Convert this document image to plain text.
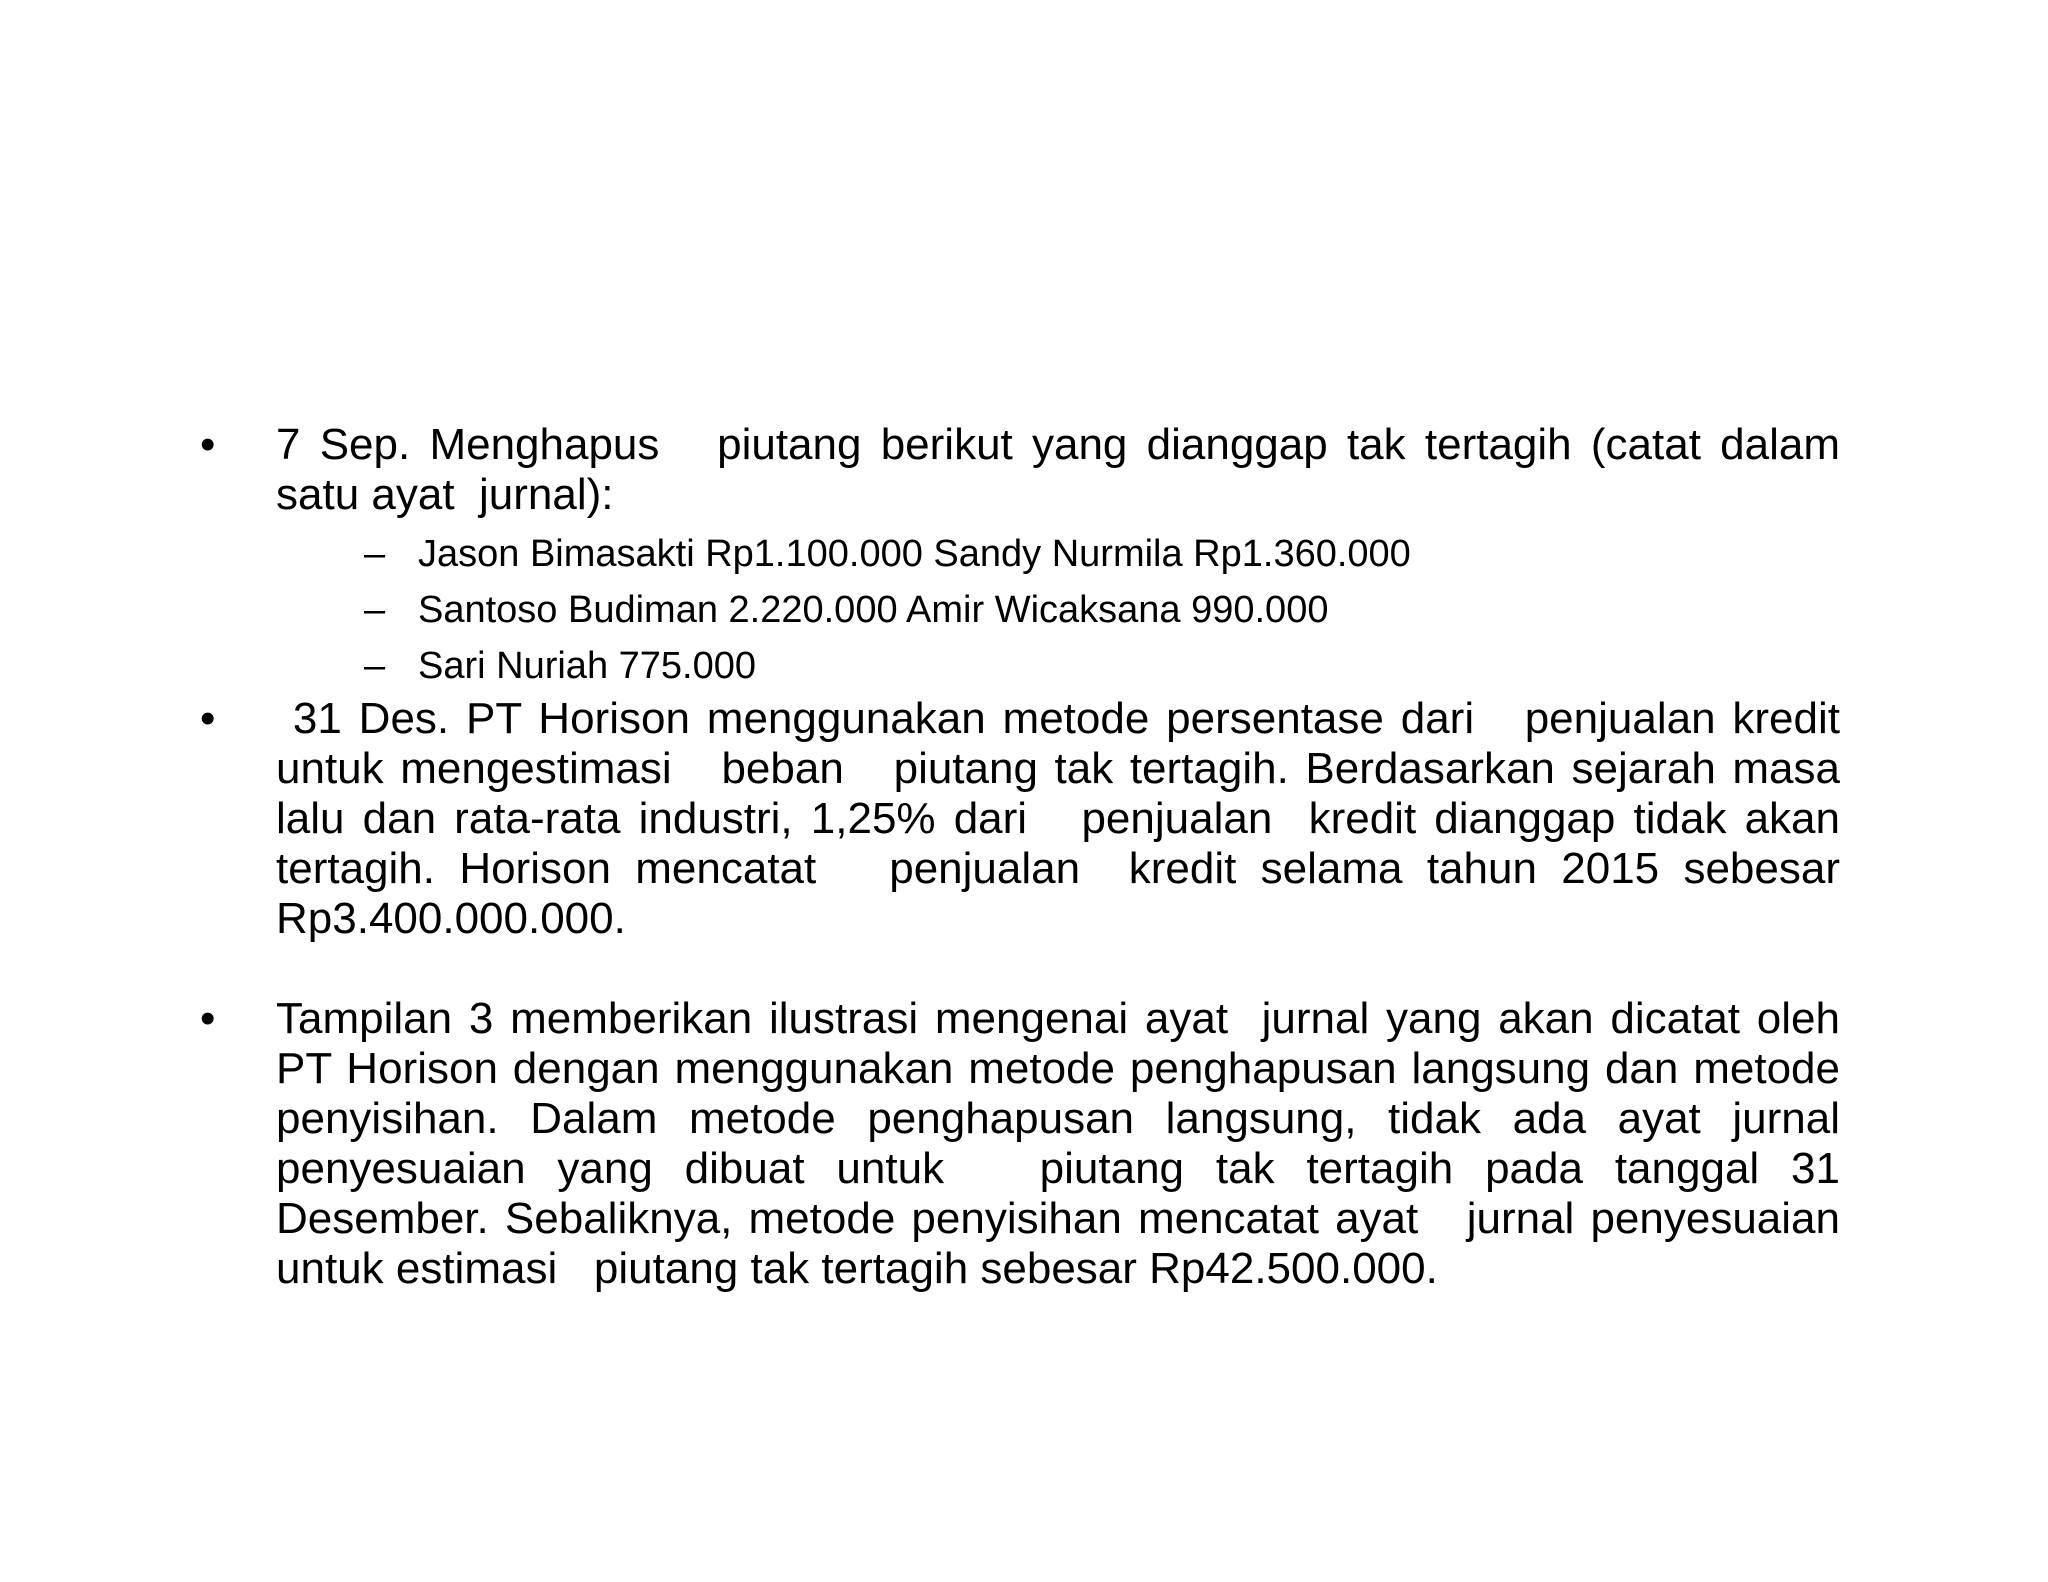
•	7 Sep. Menghapus   piutang berikut yang dianggap tak tertagih (catat dalam satu ayat  jurnal):
– Jason Bimasakti Rp1.100.000 Sandy Nurmila Rp1.360.000
– Santoso Budiman 2.220.000 Amir Wicaksana 990.000
– Sari Nuriah 775.000
•	31 Des. PT Horison menggunakan metode persentase dari   penjualan kredit untuk mengestimasi   beban   piutang tak tertagih. Berdasarkan sejarah masa lalu dan rata-rata industri, 1,25% dari   penjualan  kredit dianggap tidak akan tertagih. Horison mencatat   penjualan  kredit selama tahun 2015 sebesar Rp3.400.000.000.
•	Tampilan 3 memberikan ilustrasi mengenai ayat  jurnal yang akan dicatat oleh PT Horison dengan menggunakan metode penghapusan langsung dan metode penyisihan. Dalam metode penghapusan langsung, tidak ada ayat jurnal penyesuaian yang dibuat untuk   piutang tak tertagih pada tanggal 31 Desember. Sebaliknya, metode penyisihan mencatat ayat   jurnal penyesuaian untuk estimasi   piutang tak tertagih sebesar Rp42.500.000.
